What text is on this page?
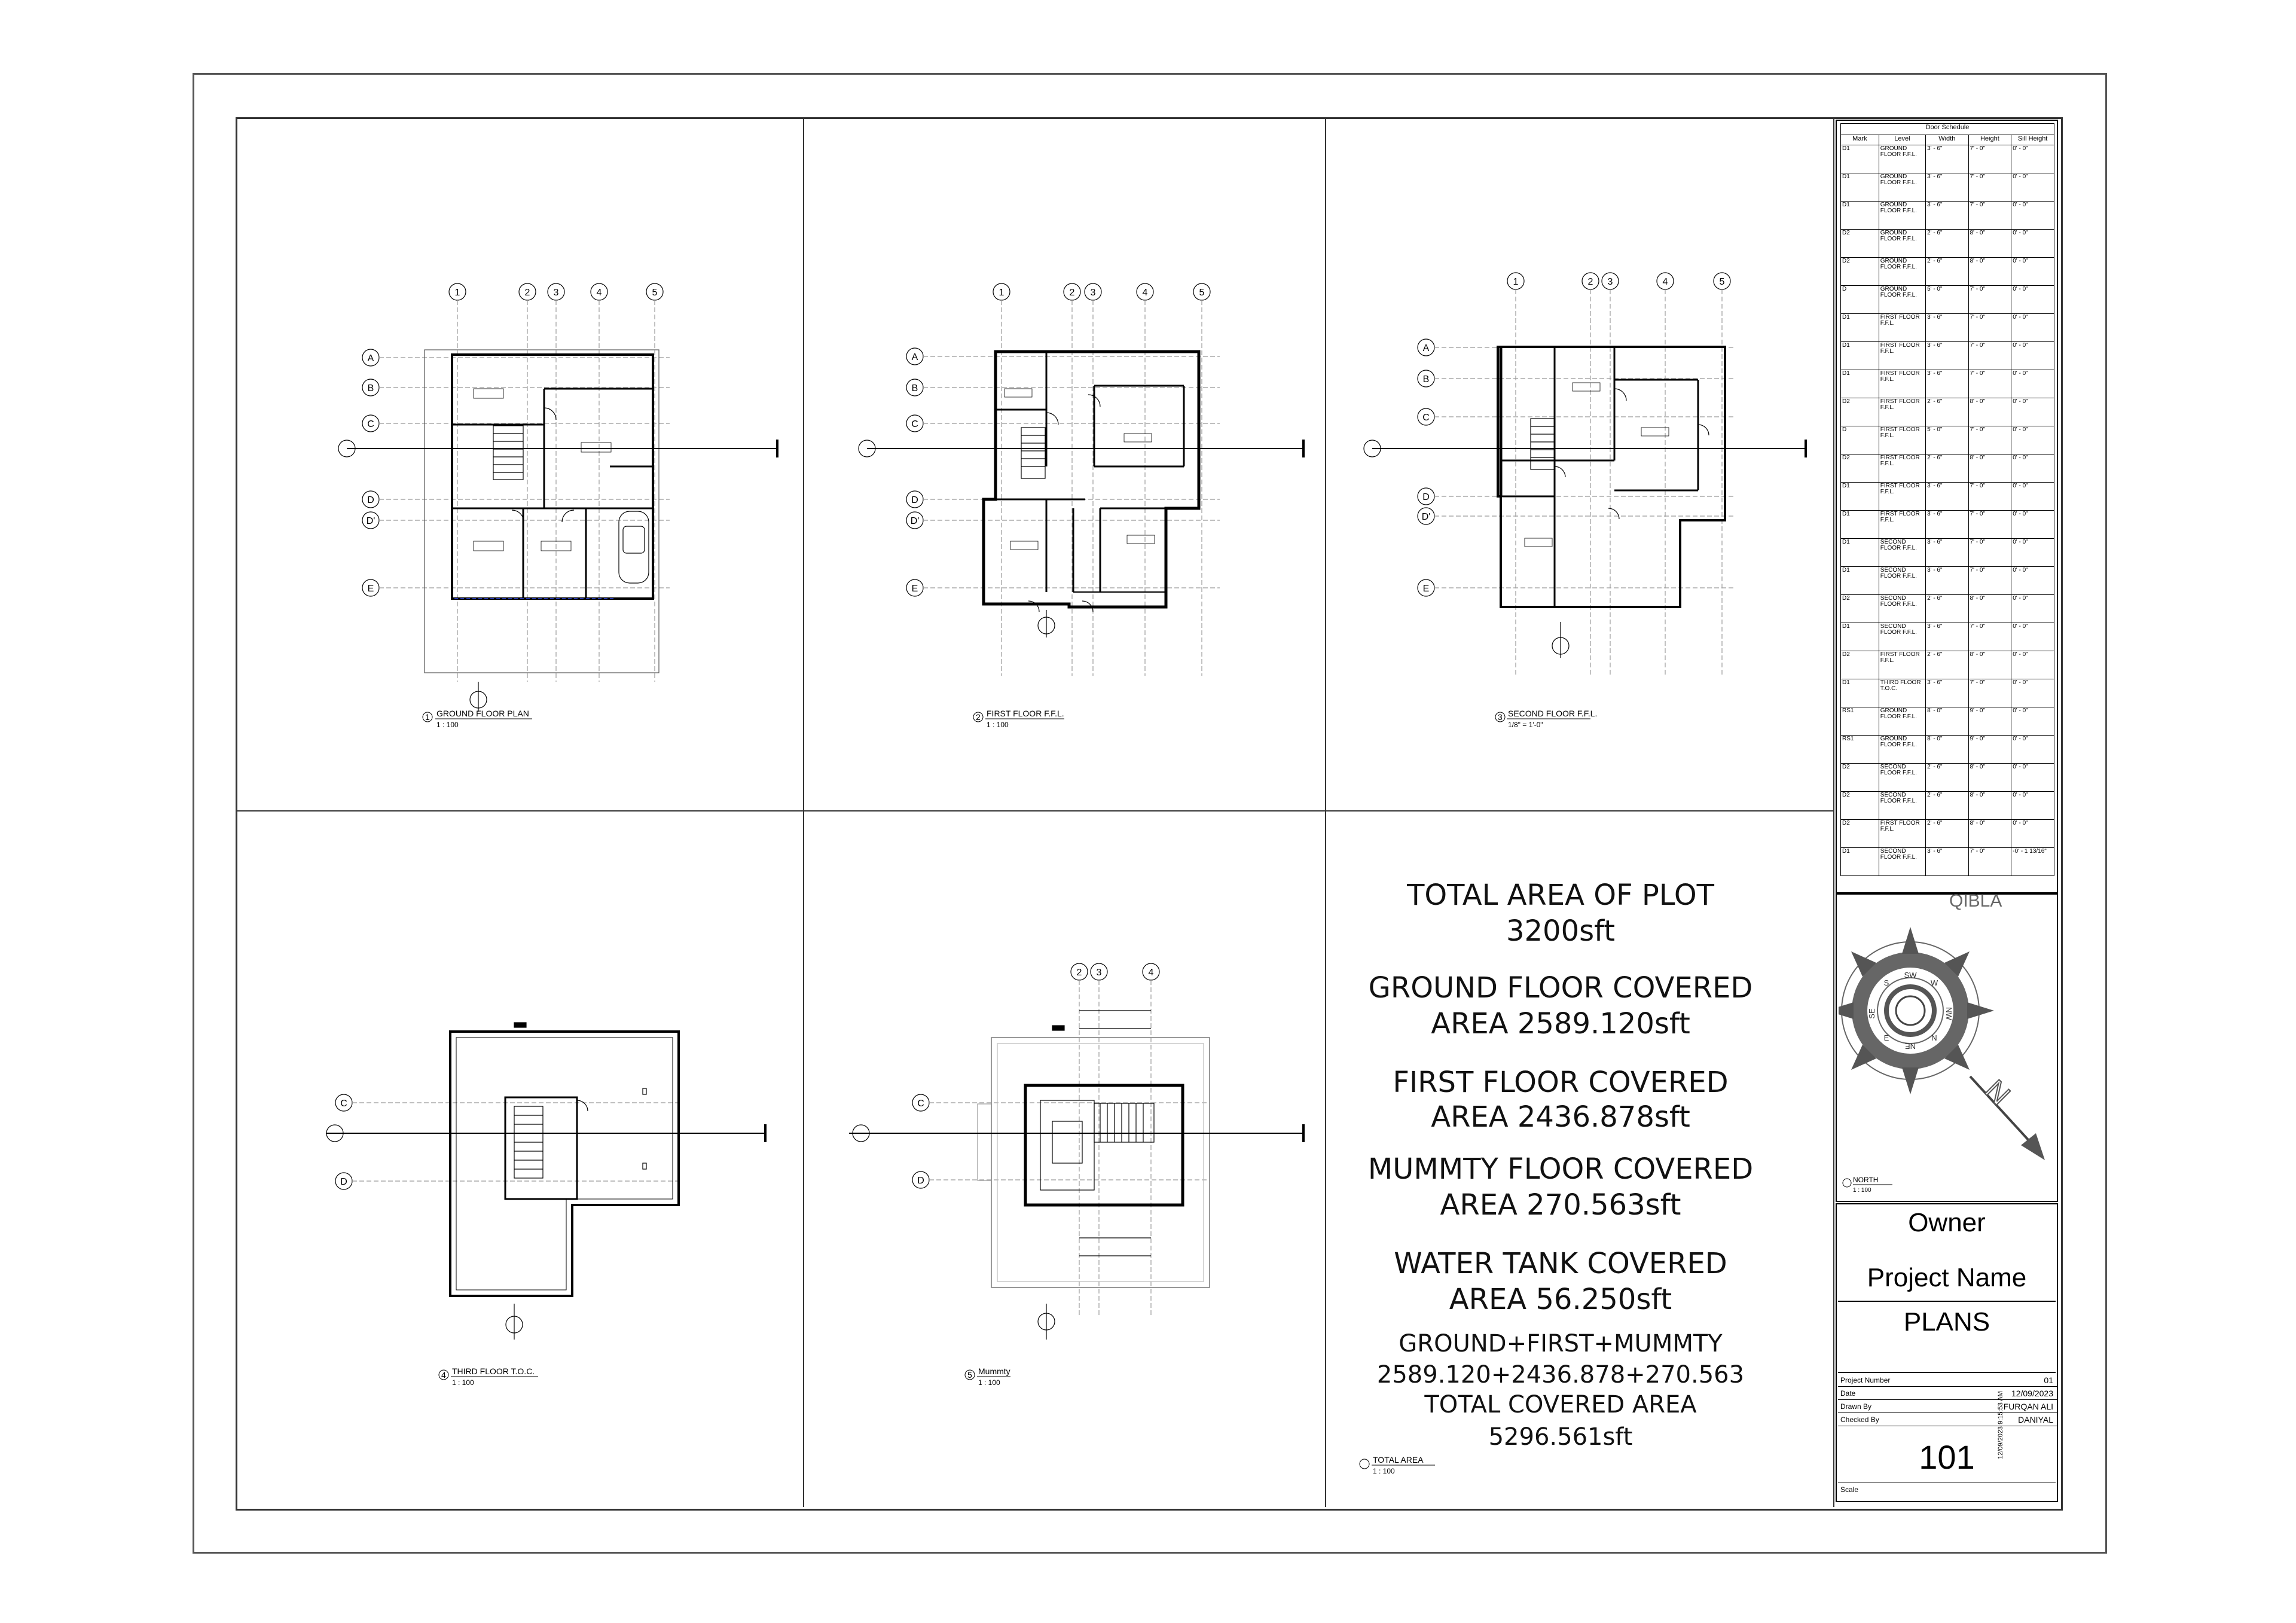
1	2 3	4	5
A
B
C
D
D'
E
1 GROUND FLOOR PLAN
1 : 100
1	2 3	4	5
A
B
C
D
D'
E
2 FIRST FLOOR F.F.L.
1 : 100
1	2 3	4	5
A
B
C
D
D'
E
3 SECOND FLOOR F.F.L.
1/8" = 1'-0"
C
D
4 THIRD FLOOR T.O.C.
1 : 100
2 3	4
C
D
5 Mummty
1 : 100
TOTAL AREA OF PLOT
3200sft
GROUND FLOOR COVERED
AREA 2589.120sft
FIRST FLOOR COVERED
AREA 2436.878sft
MUMMTY FLOOR COVERED
AREA 270.563sft
WATER TANK COVERED
AREA 56.250sft
GROUND+FIRST+MUMMTY
2589.120+2436.878+270.563
TOTAL COVERED AREA
5296.561sft
TOTAL AREA
1 : 100
Door Schedule				
Mark	Level	Width	Height	Sill Height
D1	GROUND FLOOR F.F.L.	3' - 6"	7' - 0"	0' - 0"
D1	GROUND FLOOR F.F.L.	3' - 6"	7' - 0"	0' - 0"
D1	GROUND FLOOR F.F.L.	3' - 6"	7' - 0"	0' - 0"
D2	GROUND FLOOR F.F.L.	2' - 6"	8' - 0"	0' - 0"
D2	GROUND FLOOR F.F.L.	2' - 6"	8' - 0"	0' - 0"
D	GROUND FLOOR F.F.L.	5' - 0"	7' - 0"	0' - 0"
D1	FIRST FLOOR F.F.L.	3' - 6"	7' - 0"	0' - 0"
D1	FIRST FLOOR F.F.L.	3' - 6"	7' - 0"	0' - 0"
D1	FIRST FLOOR F.F.L.	3' - 6"	7' - 0"	0' - 0"
D2	FIRST FLOOR F.F.L.	2' - 6"	8' - 0"	0' - 0"
D	FIRST FLOOR F.F.L.	5' - 0"	7' - 0"	0' - 0"
D2	FIRST FLOOR F.F.L.	2' - 6"	8' - 0"	0' - 0"
D1	FIRST FLOOR F.F.L.	3' - 6"	7' - 0"	0' - 0"
D1	FIRST FLOOR F.F.L.	3' - 6"	7' - 0"	0' - 0"
D1	SECOND FLOOR F.F.L.	3' - 6"	7' - 0"	0' - 0"
D1	SECOND FLOOR F.F.L.	3' - 6"	7' - 0"	0' - 0"
D2	SECOND FLOOR F.F.L.	2' - 6"	8' - 0"	0' - 0"
D1	SECOND FLOOR F.F.L.	3' - 6"	7' - 0"	0' - 0"
D2	FIRST FLOOR F.F.L.	2' - 6"	8' - 0"	0' - 0"
D1	THIRD FLOOR T.O.C.	3' - 6"	7' - 0"	0' - 0"
RS1	GROUND FLOOR F.F.L.	8' - 0"	9' - 0"	0' - 0"
RS1	GROUND FLOOR F.F.L.	8' - 0"	9' - 0"	0' - 0"
D2	SECOND FLOOR F.F.L.	2' - 6"	8' - 0"	0' - 0"
D2	SECOND FLOOR F.F.L.	2' - 6"	8' - 0"	0' - 0"
D2	FIRST FLOOR F.F.L.	2' - 6"	8' - 0"	0' - 0"
D1	SECOND FLOOR F.F.L.	3' - 6"	7' - 0"	-0' - 1 13/16"
QIBLA
SW
W
NW
N
NE
E
SE
S
N
NORTH
1 : 100
Owner
Project Name
PLANS
Project Number	01
Date	12/09/2023
Drawn By	FURQAN ALI
Checked By	DANIYAL
101
Scale
12/09/2023 9:15:53 AM
